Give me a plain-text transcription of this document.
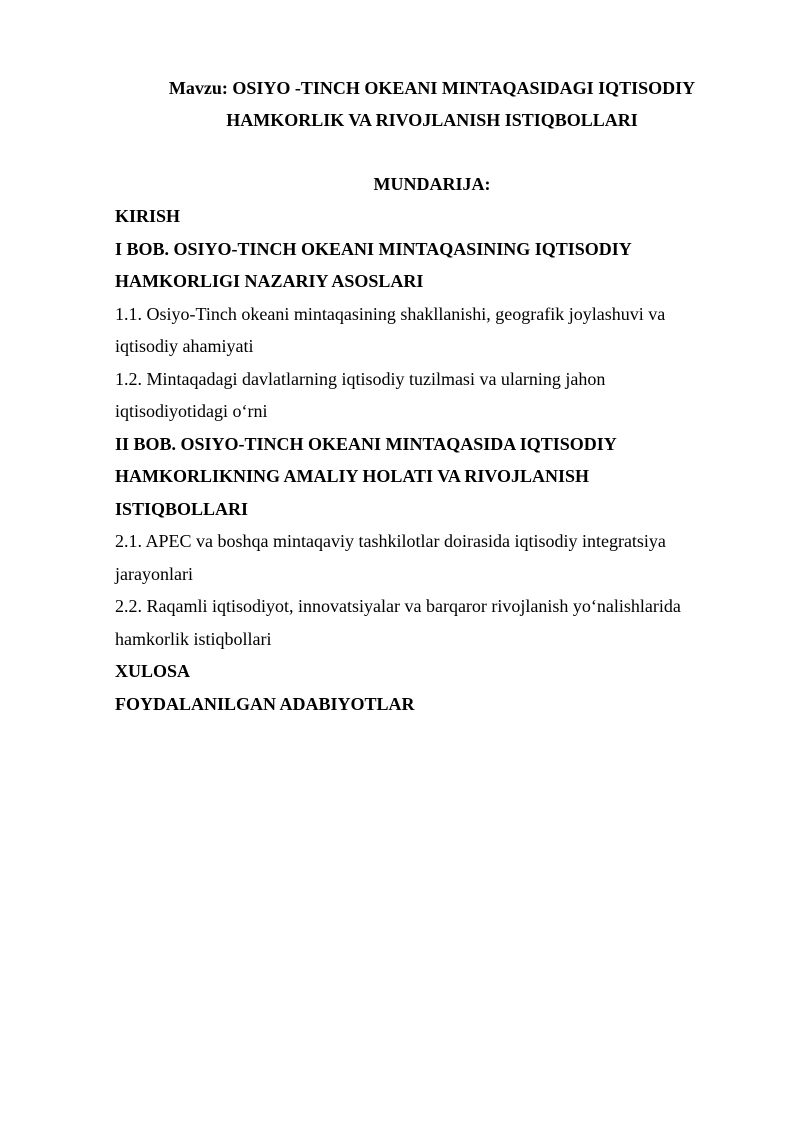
Mavzu: OSIYO -TINCH OKEANI MINTAQASIDAGI IQTISODIY
HAMKORLIK VA RIVOJLANISH ISTIQBOLLARI
MUNDARIJA:
KIRISH
I BOB. OSIYO-TINCH OKEANI MINTAQASINING IQTISODIY
HAMKORLIGI NAZARIY ASOSLARI
1.1. Osiyo-Tinch okeani mintaqasining shakllanishi, geografik joylashuvi va
iqtisodiy ahamiyati
1.2. Mintaqadagi davlatlarning iqtisodiy tuzilmasi va ularning jahon
iqtisodiyotidagi o‘rni
II BOB. OSIYO-TINCH OKEANI MINTAQASIDA IQTISODIY
HAMKORLIKNING AMALIY HOLATI VA RIVOJLANISH
ISTIQBOLLARI
2.1. APEC va boshqa mintaqaviy tashkilotlar doirasida iqtisodiy integratsiya
jarayonlari
2.2. Raqamli iqtisodiyot, innovatsiyalar va barqaror rivojlanish yo‘nalishlarida
hamkorlik istiqbollari
XULOSA
FOYDALANILGAN ADABIYOTLAR
